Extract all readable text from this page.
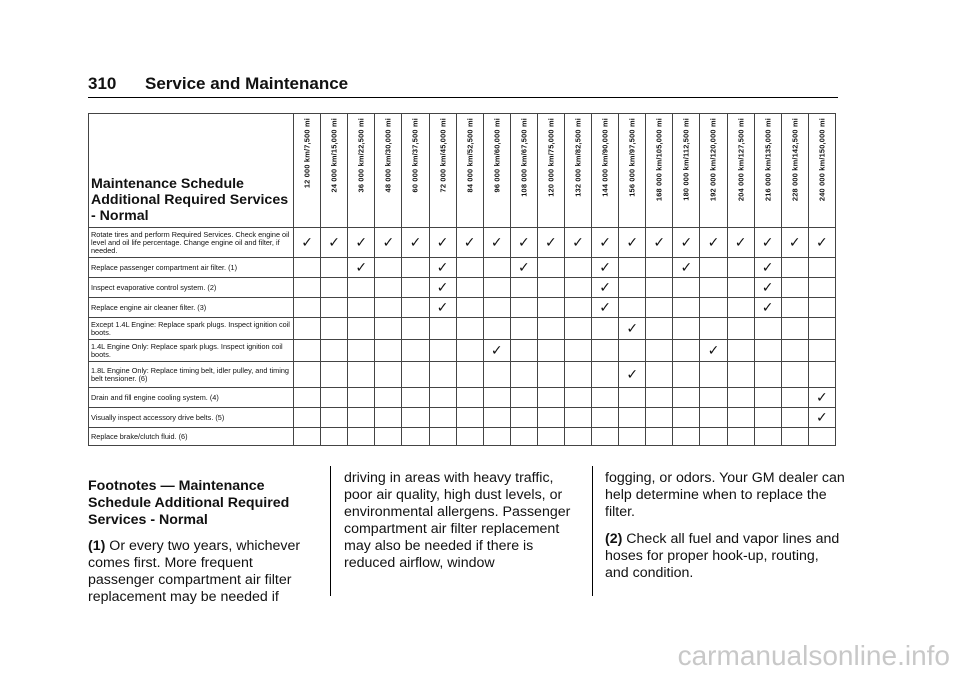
310 Service and Maintenance
Maintenance Schedule Additional Required Services - Normal	12 000 km/7,500 mi	24 000 km/15,000 mi	36 000 km/22,500 mi	48 000 km/30,000 mi	60 000 km/37,500 mi	72 000 km/45,000 mi	84 000 km/52,500 mi	96 000 km/60,000 mi	108 000 km/67,500 mi	120 000 km/75,000 mi	132 000 km/82,500 mi	144 000 km/90,000 mi	156 000 km/97,500 mi	168 000 km/105,000 mi	180 000 km/112,500 mi	192 000 km/120,000 mi	204 000 km/127,500 mi	216 000 km/135,000 mi	228 000 km/142,500 mi	240 000 km/150,000 mi

Rotate tires and perform Required Services. Check engine oil level and oil life percentage. Change engine oil and filter, if needed.	✓	✓	✓	✓	✓	✓	✓	✓	✓	✓	✓	✓	✓	✓	✓	✓	✓	✓	✓	✓
Replace passenger compartment air filter. (1)			✓			✓			✓			✓			✓			✓		
Inspect evaporative control system. (2)						✓						✓						✓		
Replace engine air cleaner filter. (3)						✓						✓						✓		
Except 1.4L Engine: Replace spark plugs. Inspect ignition coil boots.													✓							
1.4L Engine Only: Replace spark plugs. Inspect ignition coil boots.								✓								✓				
1.8L Engine Only: Replace timing belt, idler pulley, and timing belt tensioner. (6)													✓							
Drain and fill engine cooling system. (4)																				✓
Visually inspect accessory drive belts. (5)																				✓
Replace brake/clutch fluid. (6)																				
Footnotes — Maintenance Schedule Additional Required Services - Normal
(1) Or every two years, whichever comes first. More frequent passenger compartment air filter replacement may be needed if
driving in areas with heavy traffic, poor air quality, high dust levels, or environmental allergens. Passenger compartment air filter replacement may also be needed if there is reduced airflow, window
fogging, or odors. Your GM dealer can help determine when to replace the filter.
(2) Check all fuel and vapor lines and hoses for proper hook-up, routing, and condition.
carmanualsonline.info
